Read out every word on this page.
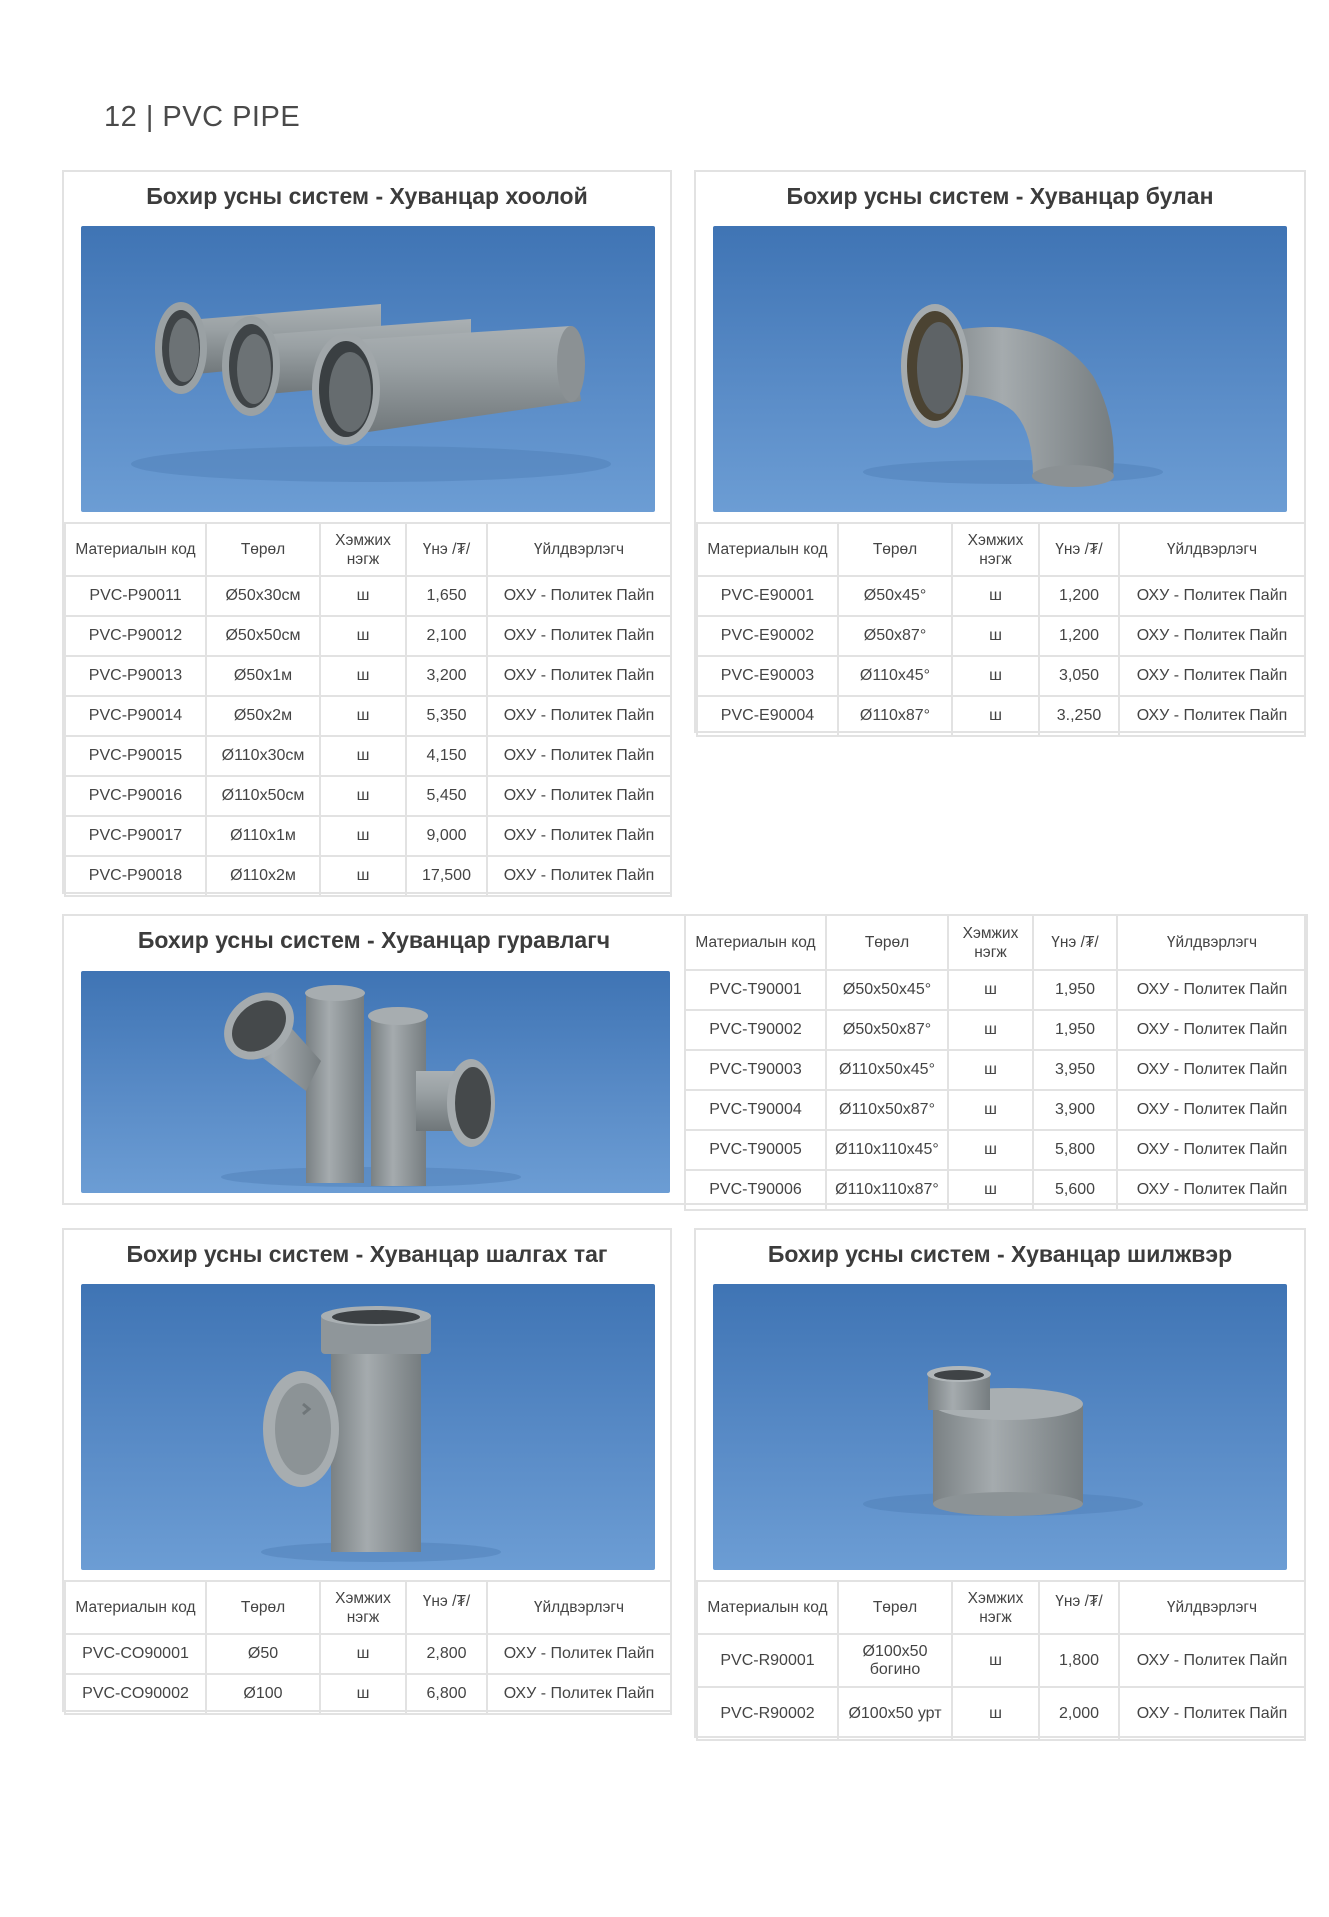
12 | PVC PIPE
Бохир усны систем - Хуванцар хоолой
Материалын код	Төрөл	Хэмжих нэгж	Үнэ /₮/	Үйлдвэрлэгч
PVC-P90011	Ø50x30см	ш	1,650	ОХУ - Политек Пайп
PVC-P90012	Ø50x50см	ш	2,100	ОХУ - Политек Пайп
PVC-P90013	Ø50x1м	ш	3,200	ОХУ - Политек Пайп
PVC-P90014	Ø50x2м	ш	5,350	ОХУ - Политек Пайп
PVC-P90015	Ø110x30см	ш	4,150	ОХУ - Политек Пайп
PVC-P90016	Ø110x50см	ш	5,450	ОХУ - Политек Пайп
PVC-P90017	Ø110x1м	ш	9,000	ОХУ - Политек Пайп
PVC-P90018	Ø110x2м	ш	17,500	ОХУ - Политек Пайп
Бохир усны систем - Хуванцар булан
Материалын код	Төрөл	Хэмжих нэгж	Үнэ /₮/	Үйлдвэрлэгч
PVC-E90001	Ø50x45°	ш	1,200	ОХУ - Политек Пайп
PVC-E90002	Ø50x87°	ш	1,200	ОХУ - Политек Пайп
PVC-E90003	Ø110x45°	ш	3,050	ОХУ - Политек Пайп
PVC-E90004	Ø110x87°	ш	3.,250	ОХУ - Политек Пайп
Бохир усны систем - Хуванцар гуравлагч	Материалын код	Төрөл	Хэмжих нэгж	Үнэ /₮/	Үйлдвэрлэгч
PVC-T90001	Ø50x50x45°	ш	1,950	ОХУ - Политек Пайп
PVC-T90002	Ø50x50x87°	ш	1,950	ОХУ - Политек Пайп
PVC-T90003	Ø110x50x45°	ш	3,950	ОХУ - Политек Пайп
PVC-T90004	Ø110x50x87°	ш	3,900	ОХУ - Политек Пайп
PVC-T90005	Ø110x110x45°	ш	5,800	ОХУ - Политек Пайп
PVC-T90006	Ø110x110x87°	ш	5,600	ОХУ - Политек Пайп
Бохир усны систем - Хуванцар шалгах таг
Материалын код	Төрөл	Хэмжих нэгж	Үнэ /₮/	Үйлдвэрлэгч
PVC-CO90001	Ø50	ш	2,800	ОХУ - Политек Пайп
PVC-CO90002	Ø100	ш	6,800	ОХУ - Политек Пайп
Бохир усны систем - Хуванцар шилжвэр
Материалын код	Төрөл	Хэмжих нэгж	Үнэ /₮/	Үйлдвэрлэгч
PVC-R90001	Ø100x50 богино	ш	1,800	ОХУ - Политек Пайп
PVC-R90002	Ø100x50 урт	ш	2,000	ОХУ - Политек Пайп
